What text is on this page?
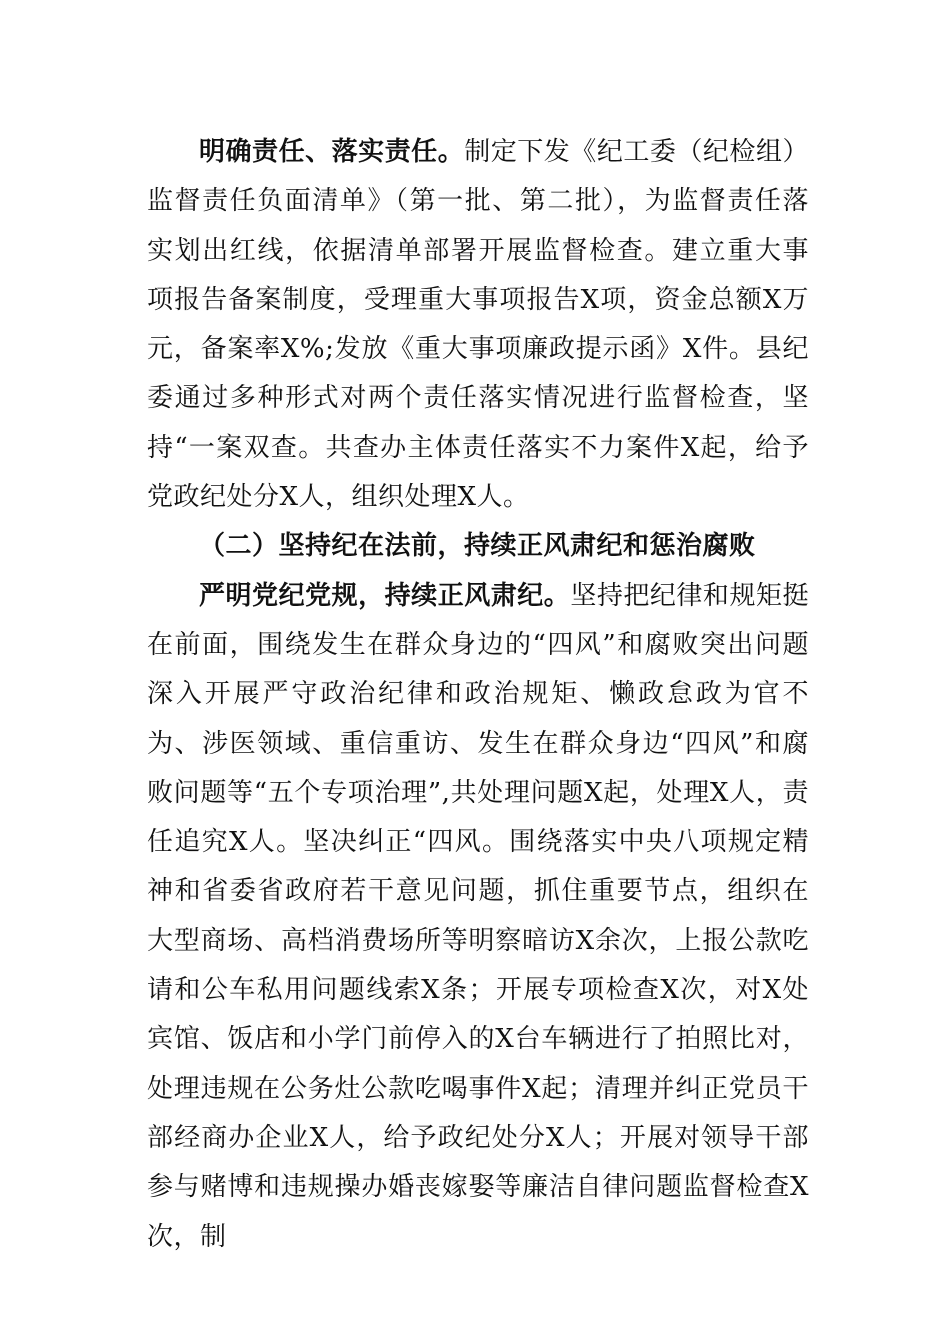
明确责任、落实责任。制定下发《纪工委（纪检组）监督责任负面清单》（第一批、第二批），为监督责任落实划出红线，依据清单部署开展监督检查。建立重大事项报告备案制度，受理重大事项报告X项，资金总额X万元，备案率X%;发放《重大事项廉政提示函》X件。县纪委通过多种形式对两个责任落实情况进行监督检查，坚持“一案双查。共查办主体责任落实不力案件X起，给予党政纪处分X人，组织处理X人。

（二）坚持纪在法前，持续正风肃纪和惩治腐败

严明党纪党规，持续正风肃纪。坚持把纪律和规矩挺在前面，围绕发生在群众身边的“四风”和腐败突出问题深入开展严守政治纪律和政治规矩、懒政怠政为官不为、涉医领域、重信重访、发生在群众身边“四风”和腐败问题等“五个专项治理”,共处理问题X起，处理X人，责任追究X人。坚决纠正“四风。围绕落实中央八项规定精神和省委省政府若干意见问题，抓住重要节点，组织在大型商场、高档消费场所等明察暗访X余次，上报公款吃请和公车私用问题线索X条；开展专项检查X次，对X处宾馆、饭店和小学门前停入的X台车辆进行了拍照比对，处理违规在公务灶公款吃喝事件X起；清理并纠正党员干部经商办企业X人，给予政纪处分X人；开展对领导干部参与赌博和违规操办婚丧嫁娶等廉洁自律问题监督检查X次，制
